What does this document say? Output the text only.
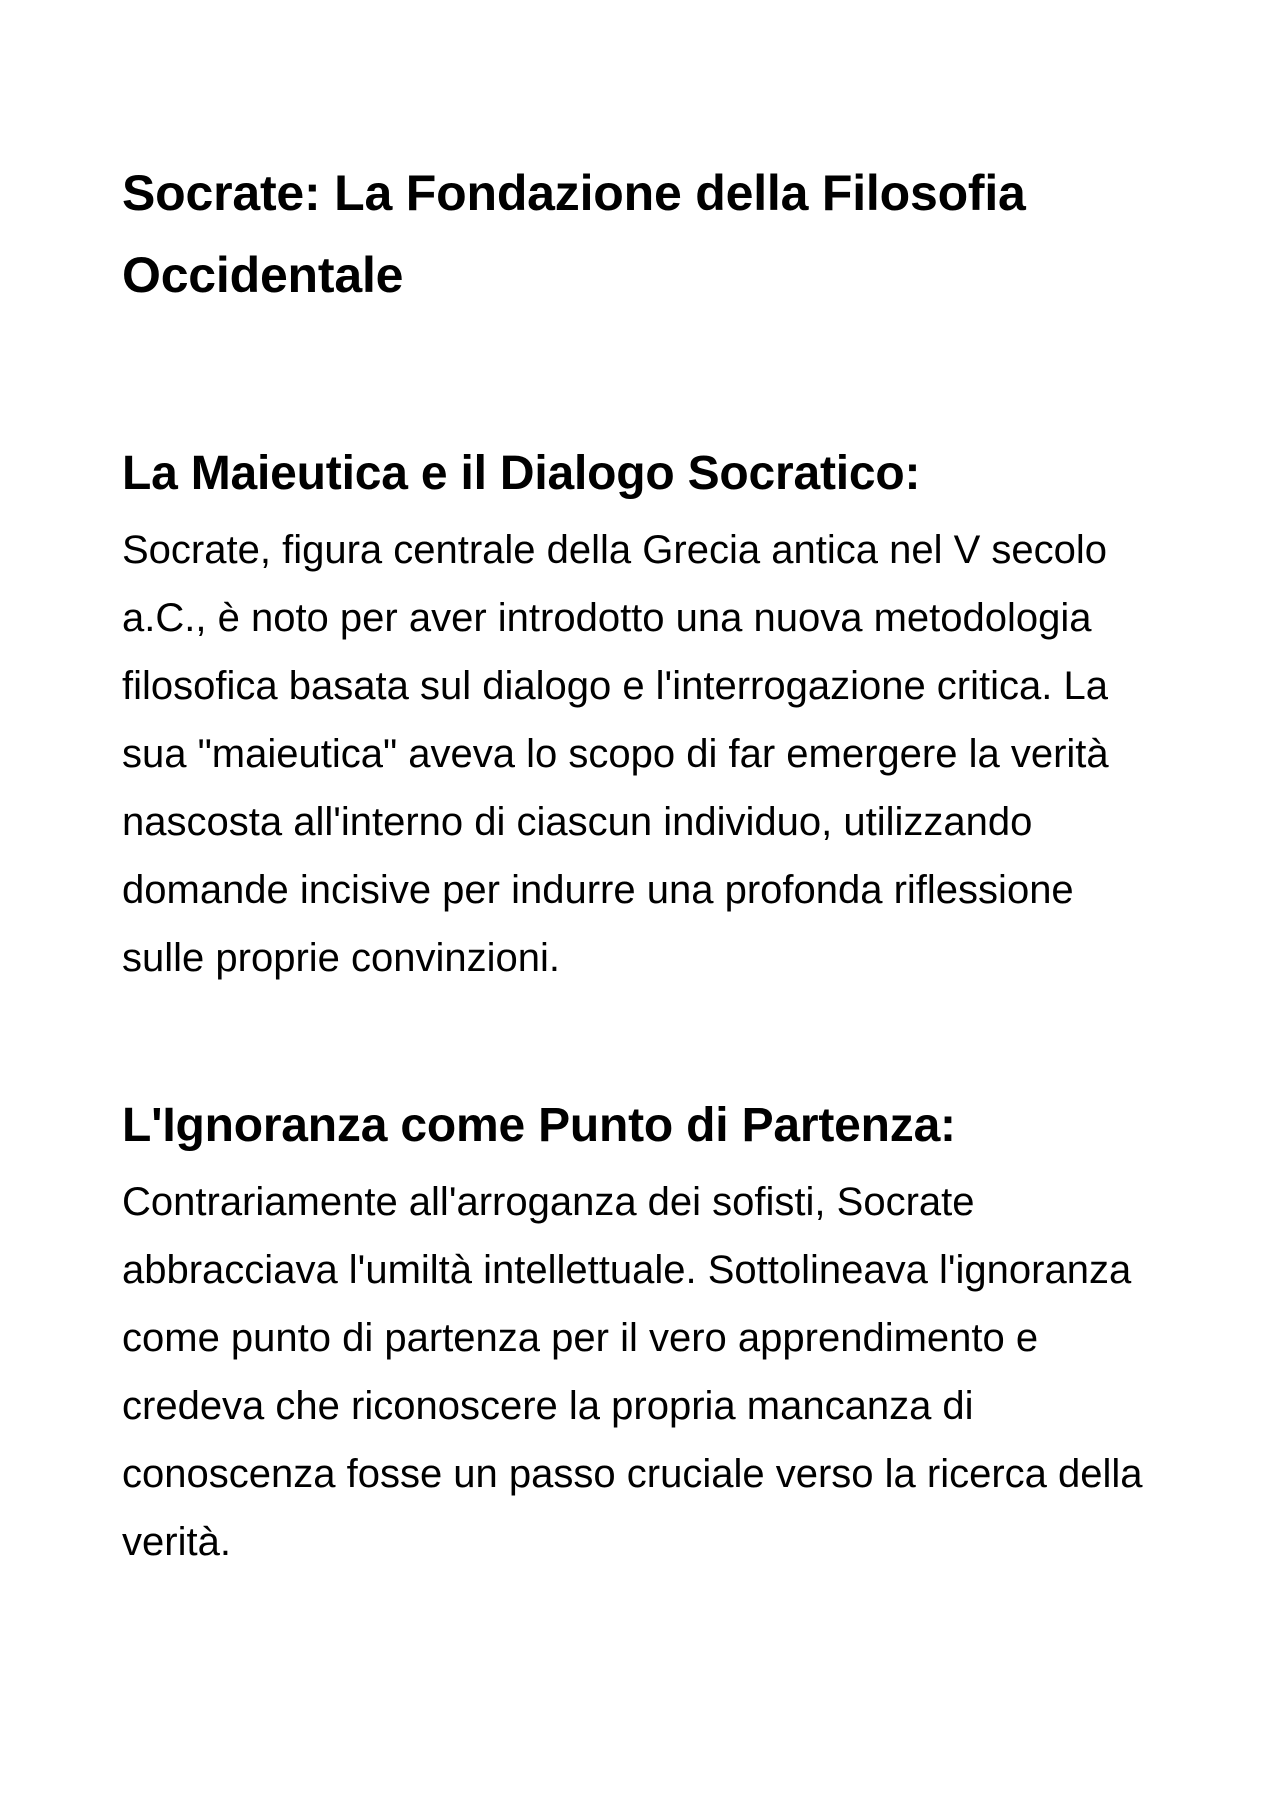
Socrate: La Fondazione della Filosofia Occidentale
La Maieutica e il Dialogo Socratico:

Socrate, figura centrale della Grecia antica nel V secolo a.C., è noto per aver introdotto una nuova metodologia filosofica basata sul dialogo e l'interrogazione critica. La sua "maieutica" aveva lo scopo di far emergere la verità nascosta all'interno di ciascun individuo, utilizzando domande incisive per indurre una profonda riflessione sulle proprie convinzioni.

L'Ignoranza come Punto di Partenza:

Contrariamente all'arroganza dei sofisti, Socrate abbracciava l'umiltà intellettuale. Sottolineava l'ignoranza come punto di partenza per il vero apprendimento e credeva che riconoscere la propria mancanza di conoscenza fosse un passo cruciale verso la ricerca della verità.
